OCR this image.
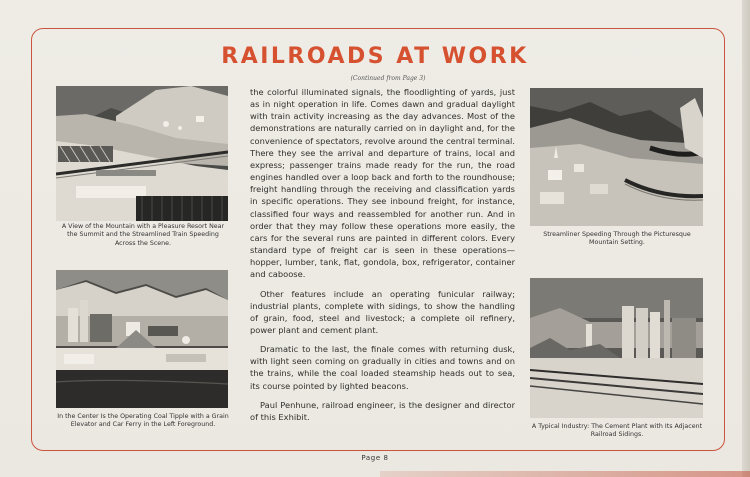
RAILROADS AT WORK
(Continued from Page 3)
A View of the Mountain with a Pleasure Resort Near the Summit and the Streamlined Train Speeding Across the Scene.
In the Center Is the Operating Coal Tipple with a Grain Elevator and Car Ferry in the Left Foreground.
Streamliner Speeding Through the Picturesque Mountain Setting.
A Typical Industry: The Cement Plant with Its Adjacent Railroad Sidings.

the colorful illuminated signals, the floodlighting of yards, just as in night operation in life. Comes dawn and gradual daylight with train activity increasing as the day advances. Most of the demonstrations are naturally carried on in daylight and, for the convenience of spectators, revolve around the central terminal. There they see the arrival and departure of trains, local and express; passenger trains made ready for the run, the road engines handled over a loop back and forth to the roundhouse; freight handling through the receiving and classification yards in specific operations. They see inbound freight, for instance, classified four ways and reassembled for another run. And in order that they may follow these operations more easily, the cars for the several runs are painted in different colors. Every standard type of freight car is seen in these operations—hopper, lumber, tank, flat, gondola, box, refrigerator, container and caboose.

Other features include an operating funicular railway; industrial plants, complete with sidings, to show the handling of grain, food, steel and livestock; a complete oil refinery, power plant and cement plant.

Dramatic to the last, the finale comes with returning dusk, with light seen coming on gradually in cities and towns and on the trains, while the coal loaded steamship heads out to sea, its course pointed by lighted beacons.

Paul Penhune, railroad engineer, is the designer and director of this Exhibit.

Page 8
